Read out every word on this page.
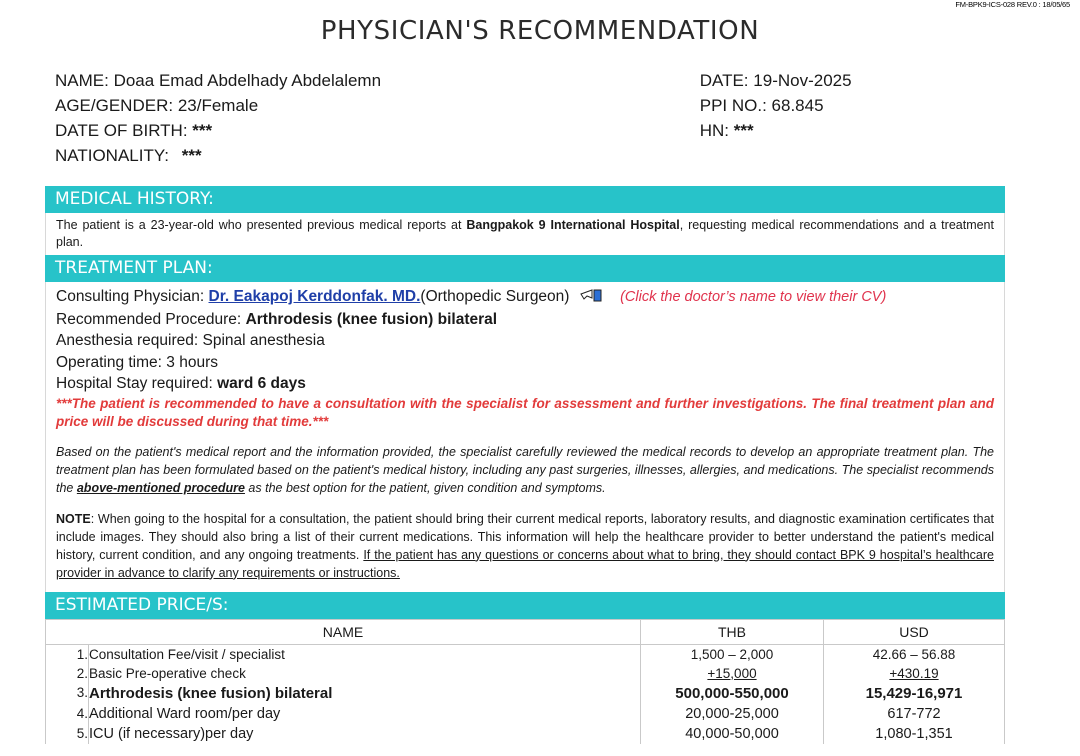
FM-BPK9-ICS-028 REV.0 : 18/05/65
PHYSICIAN'S RECOMMENDATION
NAME: Doaa Emad Abdelhady Abdelalemn
AGE/GENDER: 23/Female
DATE OF BIRTH: ***
NATIONALITY: ***

DATE: 19-Nov-2025
PPI NO.: 68.845
HN: ***
MEDICAL HISTORY:
The patient is a 23-year-old who presented previous medical reports at Bangpakok 9 International Hospital, requesting medical recommendations and a treatment plan.
TREATMENT PLAN:
Consulting Physician: Dr. Eakapoj Kerddonfak. MD.(Orthopedic Surgeon)	(Click the doctor’s name to view their CV)
Recommended Procedure: Arthrodesis (knee fusion) bilateral
Anesthesia required: Spinal anesthesia
Operating time: 3 hours
Hospital Stay required: ward 6 days
***The patient is recommended to have a consultation with the specialist for assessment and further investigations. The final treatment plan and price will be discussed during that time.***
Based on the patient's medical report and the information provided, the specialist carefully reviewed the medical records to develop an appropriate treatment plan. The treatment plan has been formulated based on the patient's medical history, including any past surgeries, illnesses, allergies, and medications. The specialist recommends the above-mentioned procedure as the best option for the patient, given condition and symptoms.
NOTE: When going to the hospital for a consultation, the patient should bring their current medical reports, laboratory results, and diagnostic examination certificates that include images. They should also bring a list of their current medications. This information will help the healthcare provider to better understand the patient's medical history, current condition, and any ongoing treatments. If the patient has any questions or concerns about what to bring, they should contact BPK 9 hospital’s healthcare provider in advance to clarify any requirements or instructions.
ESTIMATED PRICE/S:
NAME		THB	USD
1.	Consultation Fee/visit / specialist	1,500 – 2,000	42.66 – 56.88
2.	Basic Pre-operative check	+15,000	+430.19
3.	Arthrodesis (knee fusion) bilateral	500,000-550,000	15,429-16,971
4.	Additional Ward room/per day	20,000-25,000	617-772
5.	ICU (if necessary)per day	40,000-50,000	1,080-1,351
